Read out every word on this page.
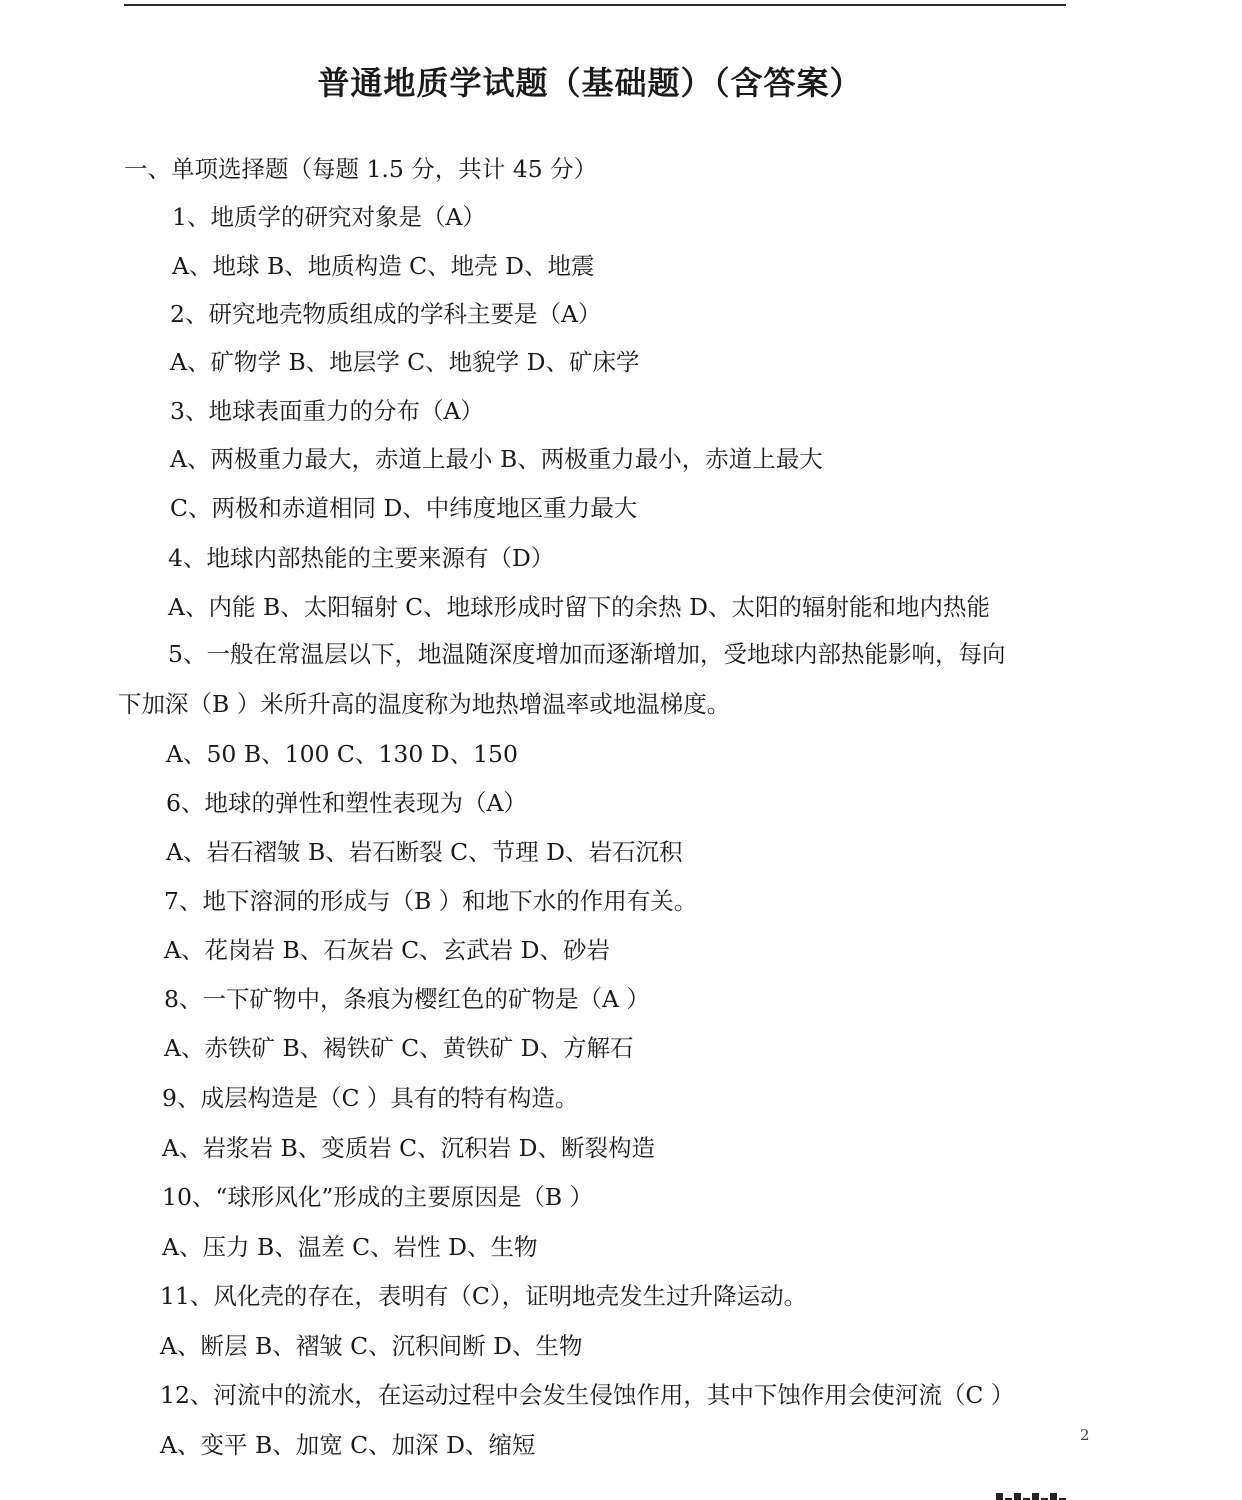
普通地质学试题（基础题）（含答案）
一、单项选择题（每题 1.5 分，共计 45 分）
1、地质学的研究对象是（A）
A、地球 B、地质构造 C、地壳 D、地震
2、研究地壳物质组成的学科主要是（A）
A、矿物学 B、地层学 C、地貌学 D、矿床学
3、地球表面重力的分布（A）
A、两极重力最大，赤道上最小 B、两极重力最小，赤道上最大
C、两极和赤道相同 D、中纬度地区重力最大
4、地球内部热能的主要来源有（D）
A、内能 B、太阳辐射 C、地球形成时留下的余热 D、太阳的辐射能和地内热能
5、一般在常温层以下，地温随深度增加而逐渐增加，受地球内部热能影响，每向
下加深（B ）米所升高的温度称为地热增温率或地温梯度。
A、50 B、100 C、130 D、150
6、地球的弹性和塑性表现为（A）
A、岩石褶皱 B、岩石断裂 C、节理 D、岩石沉积
7、地下溶洞的形成与（B ）和地下水的作用有关。
A、花岗岩 B、石灰岩 C、玄武岩 D、砂岩
8、一下矿物中，条痕为樱红色的矿物是（A ）
A、赤铁矿 B、褐铁矿 C、黄铁矿 D、方解石
9、成层构造是（C ）具有的特有构造。
A、岩浆岩 B、变质岩 C、沉积岩 D、断裂构造
10、“球形风化”形成的主要原因是（B ）
A、压力 B、温差 C、岩性 D、生物
11、风化壳的存在，表明有（C），证明地壳发生过升降运动。
A、断层 B、褶皱 C、沉积间断 D、生物
12、河流中的流水，在运动过程中会发生侵蚀作用，其中下蚀作用会使河流（C ）
A、变平 B、加宽 C、加深 D、缩短	2
